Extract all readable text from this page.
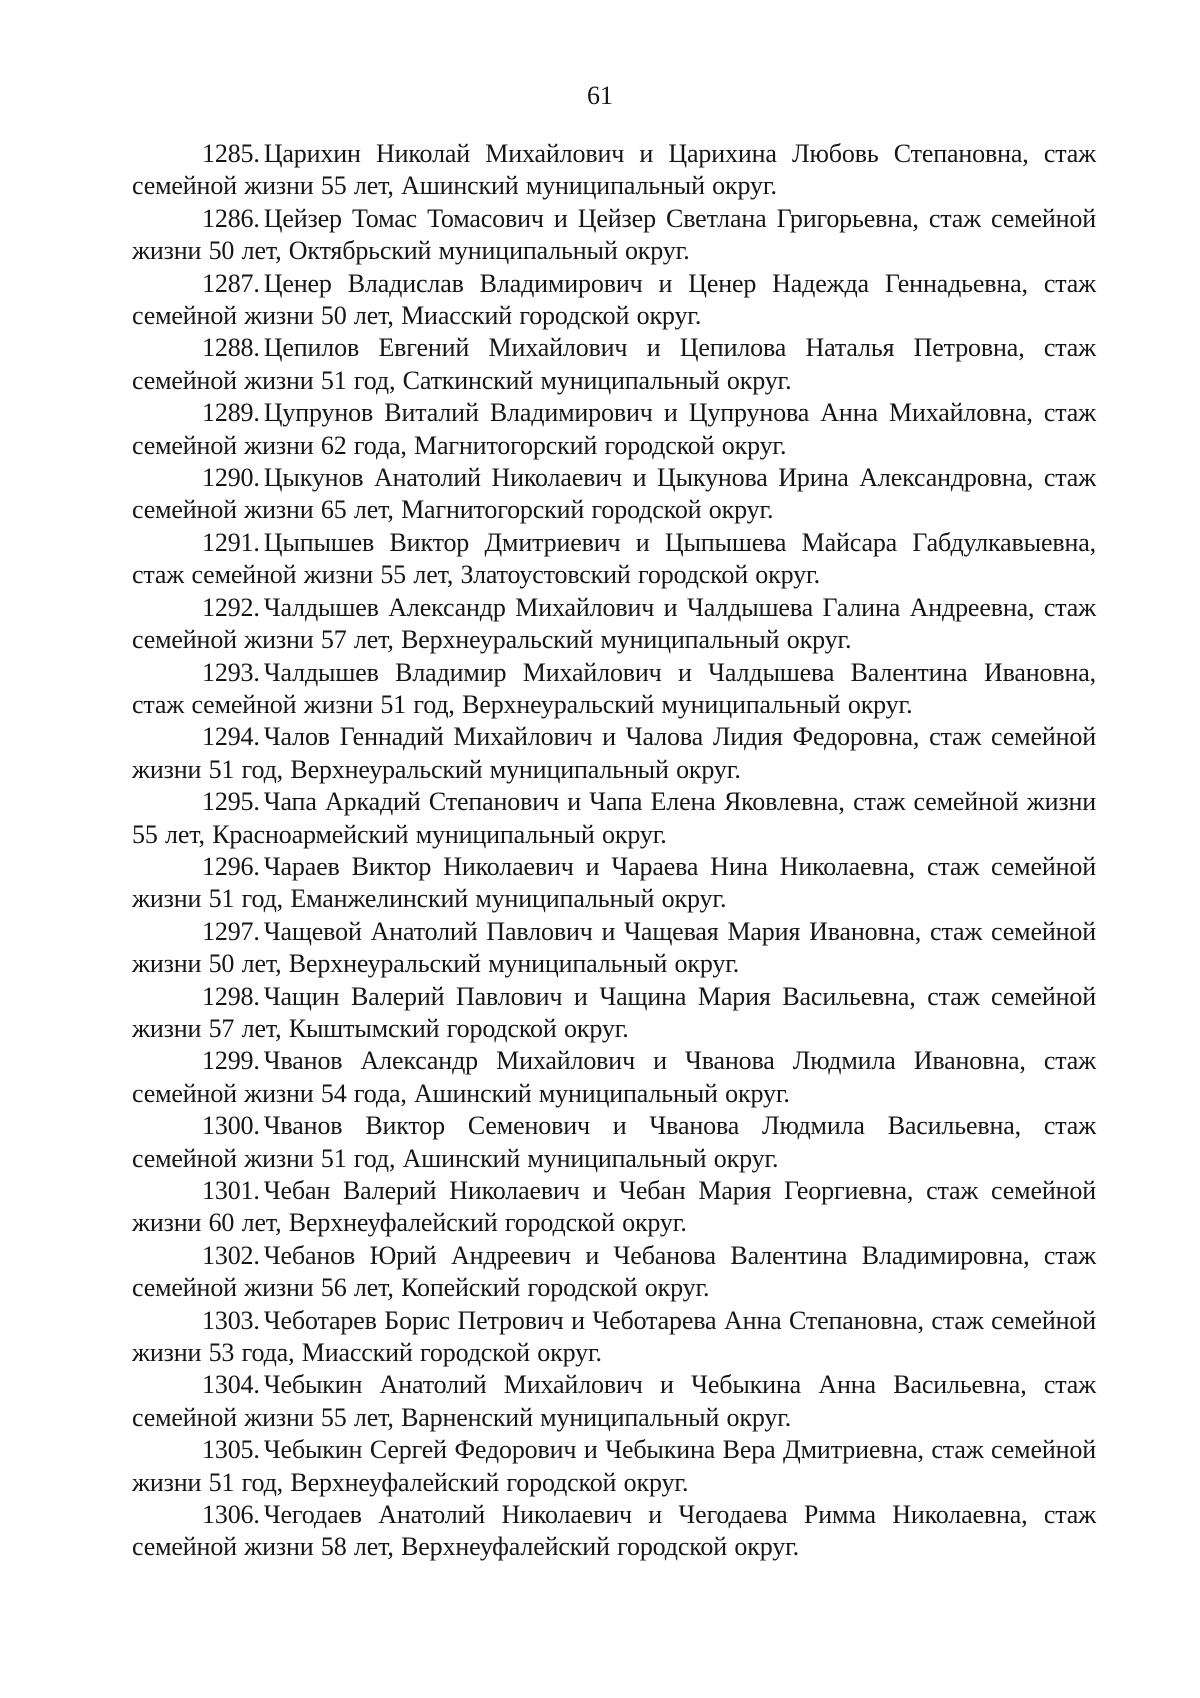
61

1285. Царихин Николай Михайлович и Царихина Любовь Степановна, стаж семейной жизни 55 лет, Ашинский муниципальный округ.

1286. Цейзер Томас Томасович и Цейзер Светлана Григорьевна, стаж семейной жизни 50 лет, Октябрьский муниципальный округ.

1287. Ценер Владислав Владимирович и Ценер Надежда Геннадьевна, стаж семейной жизни 50 лет, Миасский городской округ.

1288. Цепилов Евгений Михайлович и Цепилова Наталья Петровна, стаж семейной жизни 51 год, Саткинский муниципальный округ.

1289. Цупрунов Виталий Владимирович и Цупрунова Анна Михайловна, стаж семейной жизни 62 года, Магнитогорский городской округ.

1290. Цыкунов Анатолий Николаевич и Цыкунова Ирина Александровна, стаж семейной жизни 65 лет, Магнитогорский городской округ.

1291. Цыпышев Виктор Дмитриевич и Цыпышева Майсара Габдулкавыевна, стаж семейной жизни 55 лет, Златоустовский городской округ.

1292. Чалдышев Александр Михайлович и Чалдышева Галина Андреевна, стаж семейной жизни 57 лет, Верхнеуральский муниципальный округ.

1293. Чалдышев Владимир Михайлович и Чалдышева Валентина Ивановна, стаж семейной жизни 51 год, Верхнеуральский муниципальный округ.

1294. Чалов Геннадий Михайлович и Чалова Лидия Федоровна, стаж семейной жизни 51 год, Верхнеуральский муниципальный округ.

1295. Чапа Аркадий Степанович и Чапа Елена Яковлевна, стаж семейной жизни 55 лет, Красноармейский муниципальный округ.

1296. Чараев Виктор Николаевич и Чараева Нина Николаевна, стаж семейной жизни 51 год, Еманжелинский муниципальный округ.

1297. Чащевой Анатолий Павлович и Чащевая Мария Ивановна, стаж семейной жизни 50 лет, Верхнеуральский муниципальный округ.

1298. Чащин Валерий Павлович и Чащина Мария Васильевна, стаж семейной жизни 57 лет, Кыштымский городской округ.

1299. Чванов Александр Михайлович и Чванова Людмила Ивановна, стаж семейной жизни 54 года, Ашинский муниципальный округ.

1300. Чванов Виктор Семенович и Чванова Людмила Васильевна, стаж семейной жизни 51 год, Ашинский муниципальный округ.

1301. Чебан Валерий Николаевич и Чебан Мария Георгиевна, стаж семейной жизни 60 лет, Верхнеуфалейский городской округ.

1302. Чебанов Юрий Андреевич и Чебанова Валентина Владимировна, стаж семейной жизни 56 лет, Копейский городской округ.

1303. Чеботарев Борис Петрович и Чеботарева Анна Степановна, стаж семейной жизни 53 года, Миасский городской округ.

1304. Чебыкин Анатолий Михайлович и Чебыкина Анна Васильевна, стаж семейной жизни 55 лет, Варненский муниципальный округ.

1305. Чебыкин Сергей Федорович и Чебыкина Вера Дмитриевна, стаж семейной жизни 51 год, Верхнеуфалейский городской округ.

1306. Чегодаев Анатолий Николаевич и Чегодаева Римма Николаевна, стаж семейной жизни 58 лет, Верхнеуфалейский городской округ.
